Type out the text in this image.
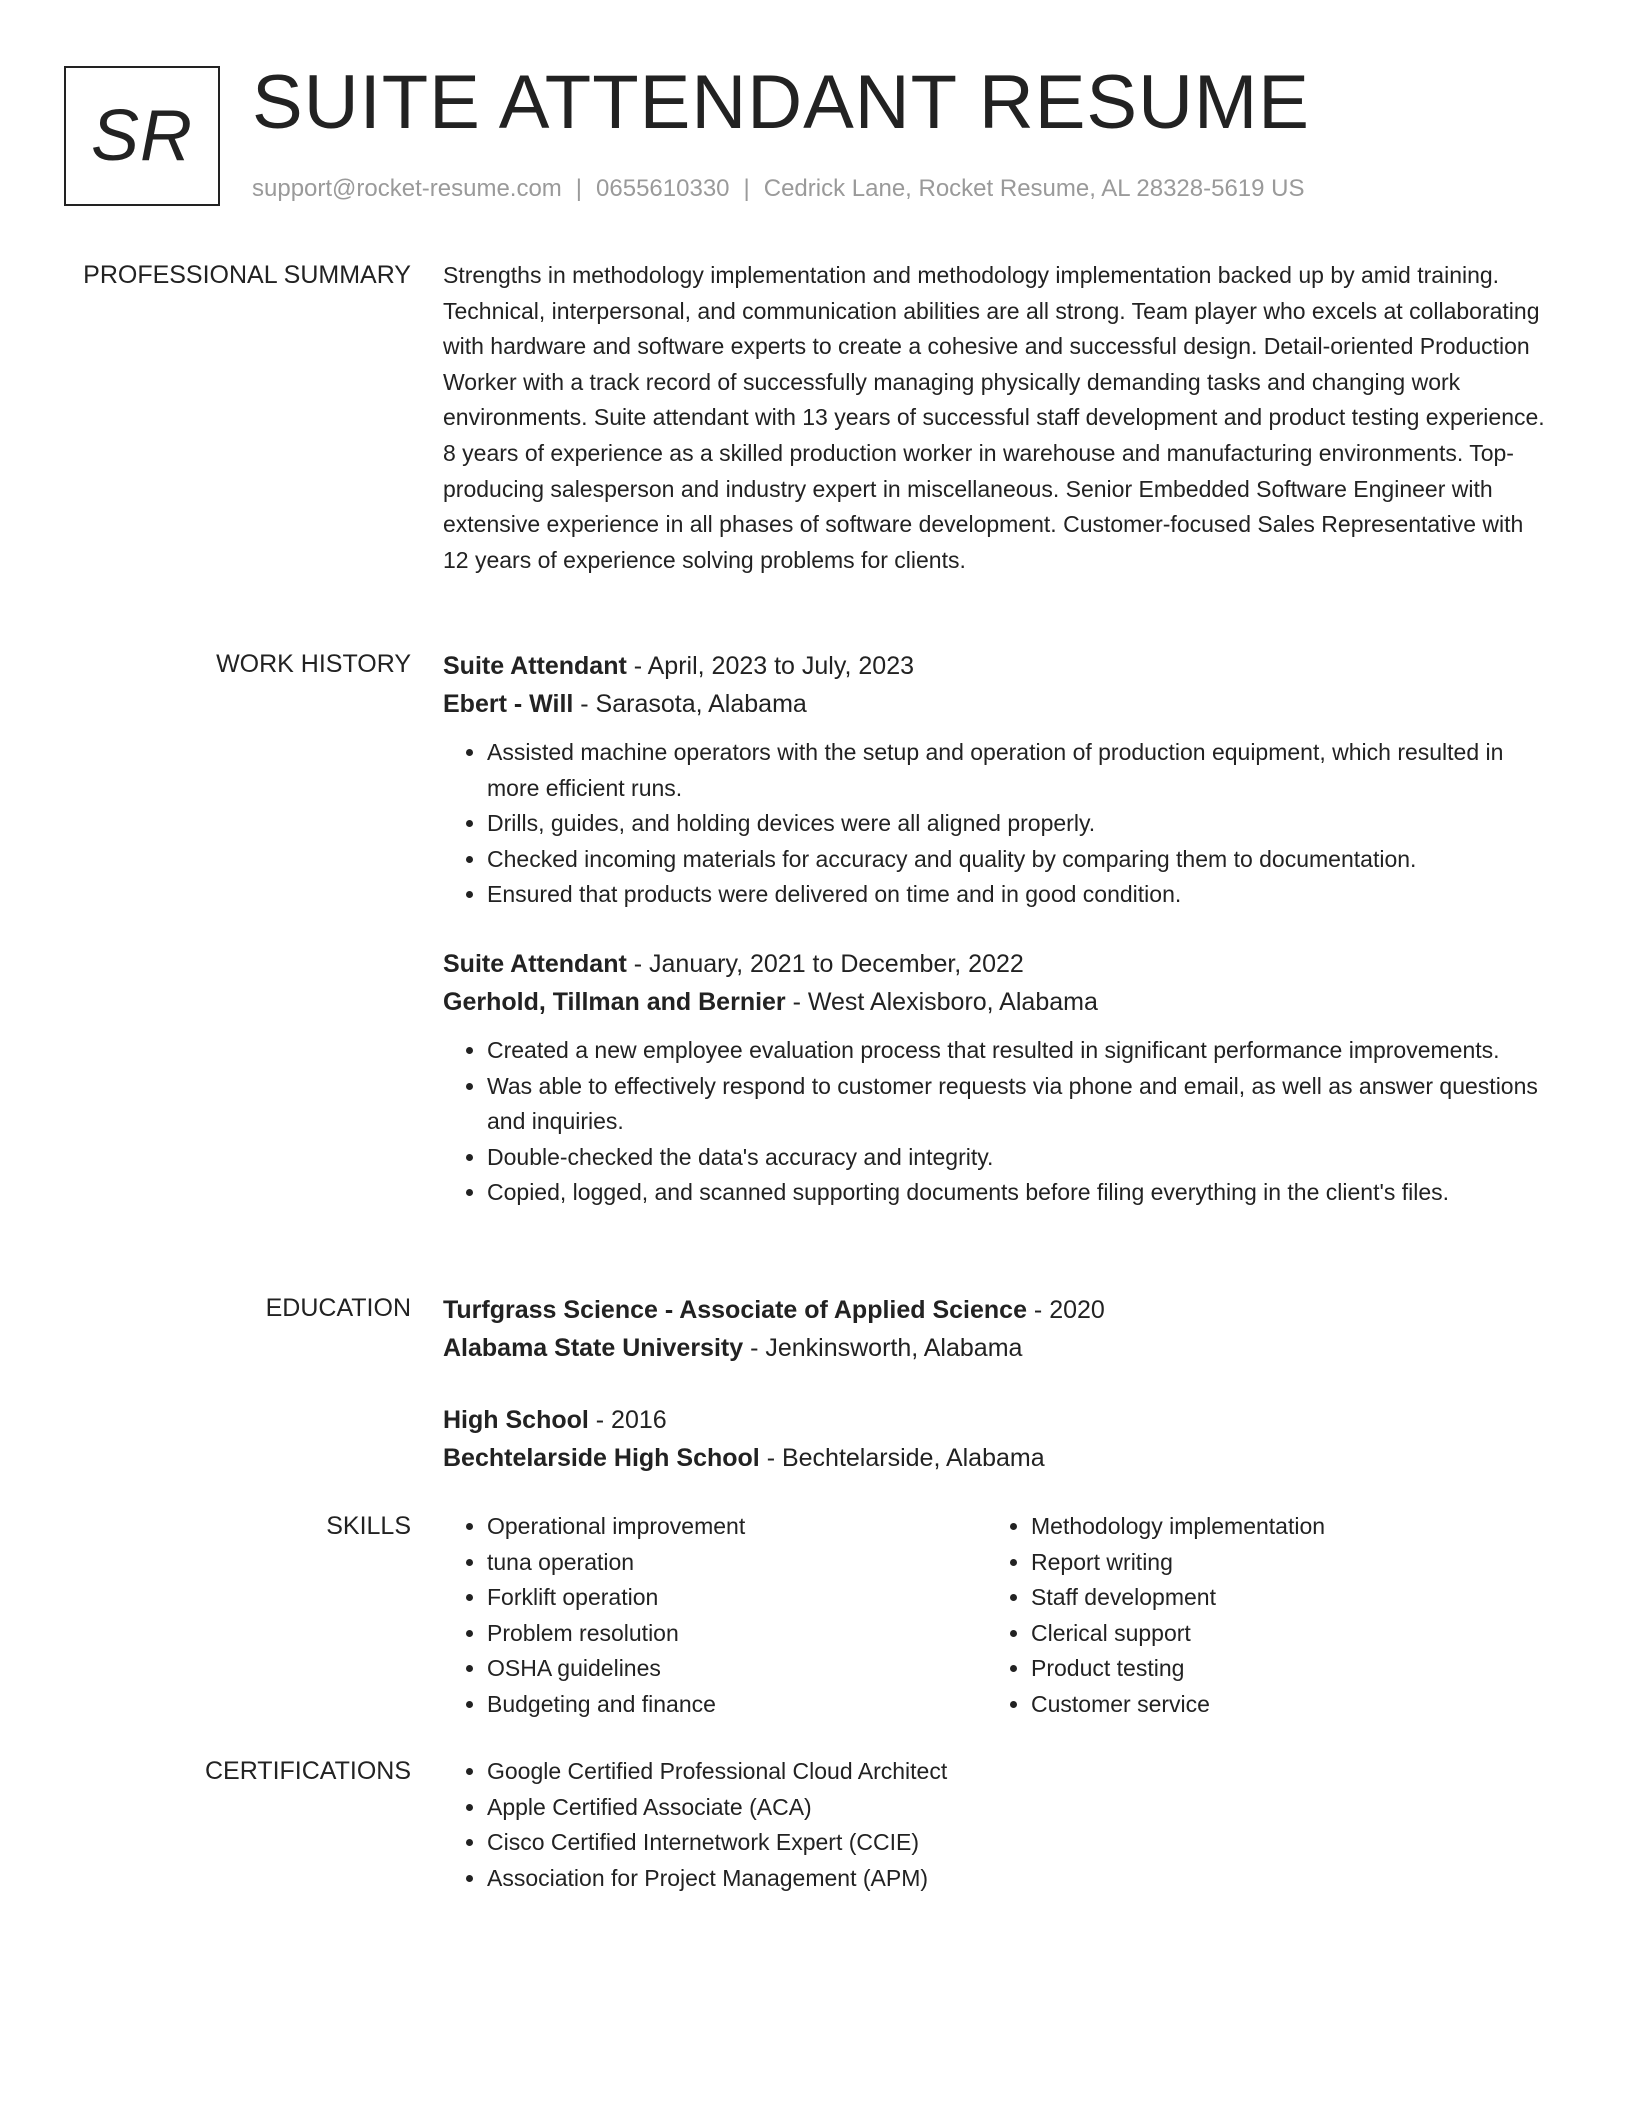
SR SUITE ATTENDANT RESUME
support@rocket-resume.com | 0655610330 | Cedrick Lane, Rocket Resume, AL 28328-5619 US
PROFESSIONAL SUMMARY Strengths in methodology implementation and methodology implementation backed up by amid training. Technical, interpersonal, and communication abilities are all strong. Team player who excels at collaborating with hardware and software experts to create a cohesive and successful design. Detail-oriented Production Worker with a track record of successfully managing physically demanding tasks and changing work environments. Suite attendant with 13 years of successful staff development and product testing experience. 8 years of experience as a skilled production worker in warehouse and manufacturing environments. Top-producing salesperson and industry expert in miscellaneous. Senior Embedded Software Engineer with extensive experience in all phases of software development. Customer-focused Sales Representative with 12 years of experience solving problems for clients.

WORK HISTORY Suite Attendant - April, 2023 to July, 2023
Ebert - Will - Sarasota, Alabama
• Assisted machine operators with the setup and operation of production equipment, which resulted in more efficient runs.
• Drills, guides, and holding devices were all aligned properly.
• Checked incoming materials for accuracy and quality by comparing them to documentation.
• Ensured that products were delivered on time and in good condition.
Suite Attendant - January, 2021 to December, 2022
Gerhold, Tillman and Bernier - West Alexisboro, Alabama
• Created a new employee evaluation process that resulted in significant performance improvements.
• Was able to effectively respond to customer requests via phone and email, as well as answer questions and inquiries.
• Double-checked the data's accuracy and integrity.
• Copied, logged, and scanned supporting documents before filing everything in the client's files.
EDUCATION Turfgrass Science - Associate of Applied Science - 2020
Alabama State University - Jenkinsworth, Alabama
High School - 2016
Bechtelarside High School - Bechtelarside, Alabama
SKILLS	• Operational improvement
• tuna operation
• Forklift operation
• Problem resolution
• OSHA guidelines
• Budgeting and finance
• Methodology implementation
• Report writing
• Staff development
• Clerical support
• Product testing
• Customer service
CERTIFICATIONS	• Google Certified Professional Cloud Architect
• Apple Certified Associate (ACA)
• Cisco Certified Internetwork Expert (CCIE)
• Association for Project Management (APM)
